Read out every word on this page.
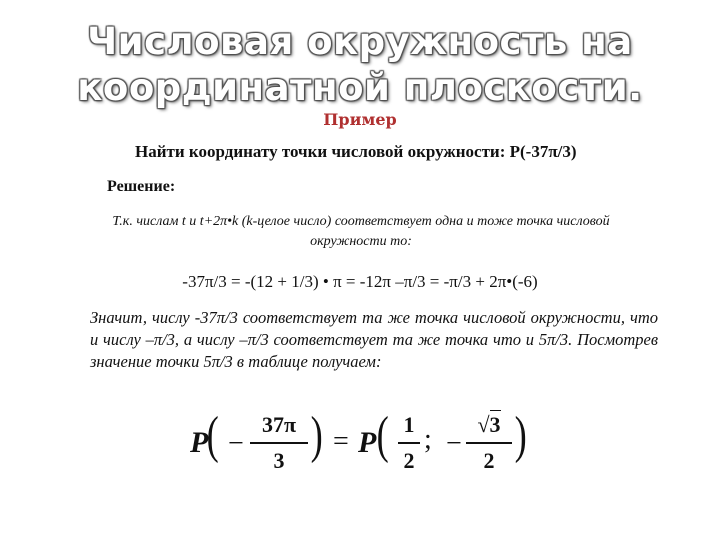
Числовая окружность на
координатной плоскости.
Пример
Найти координату точки числовой окружности: Р(-37π/3)
Решение:
Т.к. числам t и t+2π•k (k-целое число) соответствует одна и тоже точка числовой окружности то:
-37π/3 = -(12 + 1/3) • π = -12π –π/3 = -π/3 + 2π•(-6)
Значит, числу -37π/3 соответствует та же точка числовой окружности, что и числу –π/3, а числу –π/3 соответствует та же точка что и 5π/3. Посмотрев значение точки 5π/3 в таблице получаем:
P
( −
37π
3 ) = P ( 1
2
; −
√3
2 )
